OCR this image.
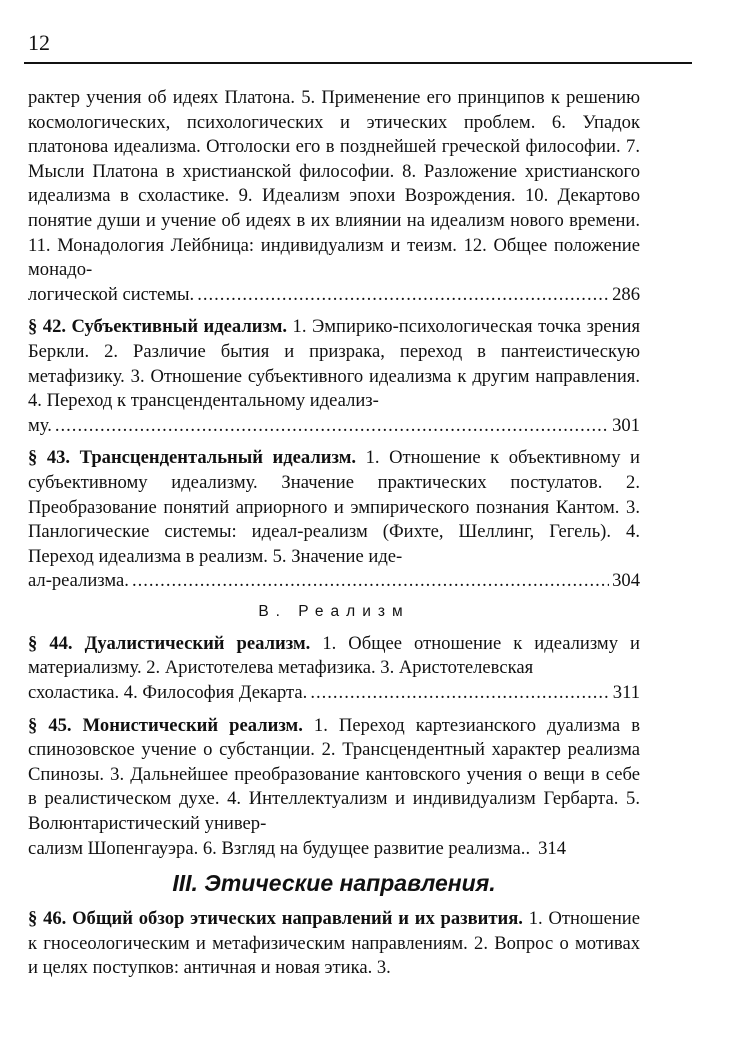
12
рактер учения об идеях Платона. 5. Применение его принципов к решению космологических, психологических и этических проблем. 6. Упадок платонова идеализма. Отголоски его в позднейшей греческой философии. 7. Мысли Платона в христианской философии. 8. Разложение христианского идеализма в схоластике. 9. Идеализм эпохи Возрождения. 10. Декартово понятие души и учение об идеях в их влиянии на идеализм нового времени. 11. Монадология Лейбница: индивидуализм и теизм. 12. Общее положение монадо-
логической системы. .....	286
§ 42. Субъективный идеализм. 1. Эмпирико-психологическая точка зрения Беркли. 2. Различие бытия и призрака, переход в пантеистическую метафизику. 3. Отношение субъективного идеализма к другим направления. 4. Переход к трансцендентальному идеализ-
му. .....	301
§ 43. Трансцендентальный идеализм. 1. Отношение к объективному и субъективному идеализму. Значение практических постулатов. 2. Преобразование понятий априорного и эмпирического познания Кантом. 3. Панлогические системы: идеал-реализм (Фихте, Шеллинг, Гегель). 4. Переход идеализма в реализм. 5. Значение иде-
ал-реализма. .....	304
В. Реализм
§ 44. Дуалистический реализм. 1. Общее отношение к идеализму и материализму. 2. Аристотелева метафизика. 3. Аристотелевская
схоластика. 4. Философия Декарта. .....	311
§ 45. Монистический реализм. 1. Переход картезианского дуализма в спинозовское учение о субстанции. 2. Трансцендентный характер реализма Спинозы. 3. Дальнейшее преобразование кантовского учения о вещи в себе в реалистическом духе. 4. Интеллектуализм и индивидуализм Гербарта. 5. Волюнтаристический универ-
сализм Шопенгауэра. 6. Взгляд на будущее развитие реализма.. 314
III. Этические направления.
§ 46. Общий обзор этических направлений и их развития. 1. Отношение к гносеологическим и метафизическим направлениям. 2. Вопрос о мотивах и целях поступков: античная и новая этика. 3.
